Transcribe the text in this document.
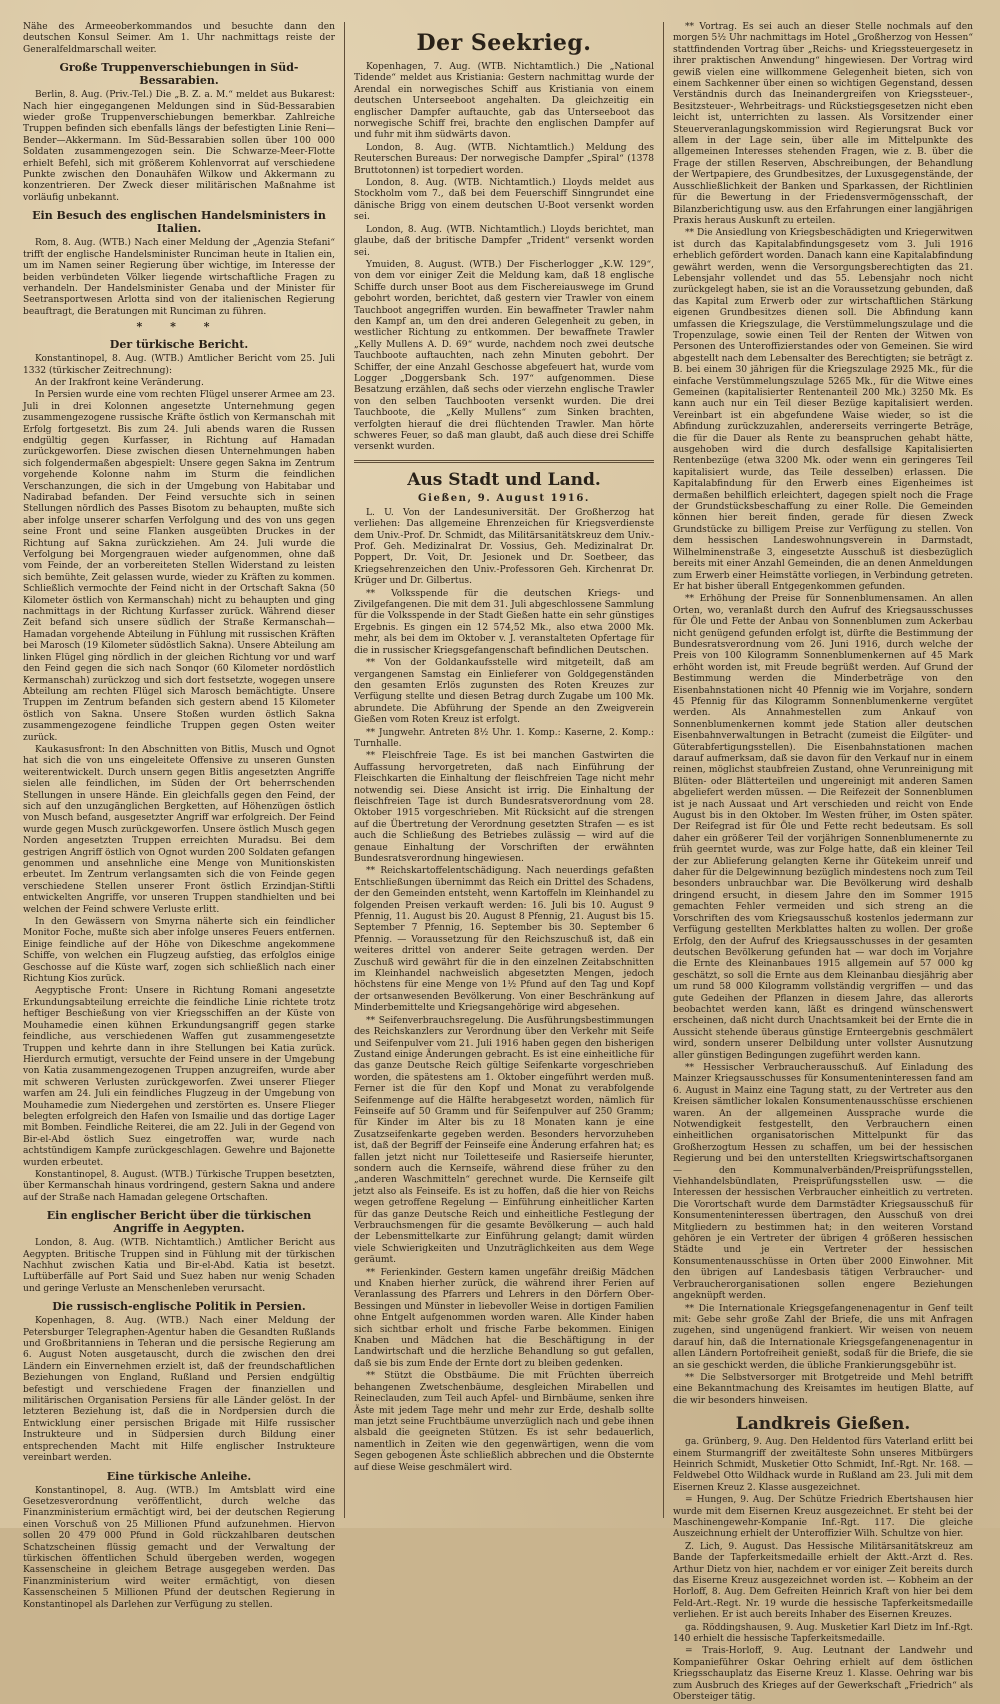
Nähe des Armeeoberkommandos und besuchte dann den deutschen Konsul Seimer. Am 1. Uhr nachmittags reiste der Generalfeldmarschall weiter.

Große Truppenverschiebungen in Süd-Bessarabien.

Berlin, 8. Aug. (Priv.-Tel.) Die „B. Z. a. M.“ meldet aus Bukarest: Nach hier eingegangenen Meldungen sind in Süd-Bessarabien wieder große Truppenverschiebungen bemerkbar. Zahlreiche Truppen befinden sich ebenfalls längs der befestigten Linie Reni—Bender—Akkermann. Im Süd-Bessarabien sollen über 100 000 Soldaten zusammengezogen sein. Die Schwarze-Meer-Flotte erhielt Befehl, sich mit größerem Kohlenvorrat auf verschiedene Punkte zwischen den Donauhäfen Wilkow und Akkermann zu konzentrieren. Der Zweck dieser militärischen Maßnahme ist vorläufig unbekannt.

Ein Besuch des englischen Handelsministers in Italien.

Rom, 8. Aug. (WTB.) Nach einer Meldung der „Agenzia Stefani“ trifft der englische Handelsminister Runciman heute in Italien ein, um im Namen seiner Regierung über wichtige, im Interesse der beiden verbündeten Völker liegende wirtschaftliche Fragen zu verhandeln. Der Handelsminister Genaba und der Minister für Seetransportwesen Arlotta sind von der italienischen Regierung beauftragt, die Beratungen mit Runciman zu führen.

* * *
Der türkische Bericht.

Konstantinopel, 8. Aug. (WTB.) Amtlicher Bericht vom 25. Juli 1332 (türkischer Zeitrechnung):

An der Irakfront keine Veränderung.

In Persien wurde eine vom rechten Flügel unserer Armee am 23. Juli in drei Kolonnen angesetzte Unternehmung gegen zusammengezogene russische Kräfte östlich von Kermanschah mit Erfolg fortgesetzt. Bis zum 24. Juli abends waren die Russen endgültig gegen Kurfasser, in Richtung auf Hamadan zurückgeworfen. Diese zwischen diesen Unternehmungen haben sich folgendermaßen abgespielt: Unsere gegen Sakna im Zentrum vorgehende Kolonne nahm im Sturm die feindlichen Verschanzungen, die sich in der Umgebung von Habitabar und Nadirabad befanden. Der Feind versuchte sich in seinen Stellungen nördlich des Passes Bisotom zu behaupten, mußte sich aber infolge unserer scharfen Verfolgung und des von uns gegen seine Front und seine Flanken ausgeübten Druckes in der Richtung auf Sakna zurückziehen. Am 24. Juli wurde die Verfolgung bei Morgengrauen wieder aufgenommen, ohne daß vom Feinde, der an vorbereiteten Stellen Widerstand zu leisten sich bemühte, Zeit gelassen wurde, wieder zu Kräften zu kommen. Schließlich vermochte der Feind nicht in der Ortschaft Sakna (50 Kilometer östlich von Kermanschah) nicht zu behaupten und ging nachmittags in der Richtung Kurfasser zurück. Während dieser Zeit befand sich unsere südlich der Straße Kermanschah—Hamadan vorgehende Abteilung in Fühlung mit russischen Kräften bei Marosch (19 Kilometer südöstlich Sakna). Unsere Abteilung am linken Flügel ging nördlich in der gleichen Richtung vor und warf den Feind gegen die sich nach Sonqor (60 Kilometer nordöstlich Kermanschah) zurückzog und sich dort festsetzte, wogegen unsere Abteilung am rechten Flügel sich Marosch bemächtigte. Unsere Truppen im Zentrum befanden sich gestern abend 15 Kilometer östlich von Sakna. Unsere Stoßen wurden östlich Sakna zusammengezogene feindliche Truppen gegen Osten weiter zurück.

Kaukasusfront: In den Abschnitten von Bitlis, Musch und Ognot hat sich die von uns eingeleitete Offensive zu unseren Gunsten weiterentwickelt. Durch unsern gegen Bitlis angesetzten Angriffe sielen alle feindlichen, im Süden der Ort beherrschenden Stellungen in unsere Hände. Ein gleichfalls gegen den Feind, der sich auf den unzugänglichen Bergketten, auf Höhenzügen östlich von Musch befand, ausgesetzter Angriff war erfolgreich. Der Feind wurde gegen Musch zurückgeworfen. Unsere östlich Musch gegen Norden angesetzten Truppen erreichten Muradsu. Bei dem gestrigen Angriff östlich von Ognot wurden 200 Soldaten gefangen genommen und ansehnliche eine Menge von Munitionskisten erbeutet. Im Zentrum verlangsamten sich die von Feinde gegen verschiedene Stellen unserer Front östlich Erzindjan-Stiftli entwickelten Angriffe, vor unseren Truppen standhielten und bei welchen der Feind schwere Verluste erlitt.

In den Gewässern von Smyrna näherte sich ein feindlicher Monitor Foche, mußte sich aber infolge unseres Feuers entfernen. Einige feindliche auf der Höhe von Dikeschme angekommene Schiffe, von welchen ein Flugzeug aufstieg, das erfolglos einige Geschosse auf die Küste warf, zogen sich schließlich nach einer Richtung Kios zurück.

Aegyptische Front: Unsere in Richtung Romani angesetzte Erkundungsabteilung erreichte die feindliche Linie richtete trotz heftiger Beschießung von vier Kriegsschiffen an der Küste von Mouhamedie einen kühnen Erkundungsangriff gegen starke feindliche, aus verschiedenen Waffen gut zusammengesetzte Truppen und kehrte dann in ihre Stellungen bei Katia zurück. Hierdurch ermutigt, versuchte der Feind unsere in der Umgebung von Katia zusammengezogenen Truppen anzugreifen, wurde aber mit schweren Verlusten zurückgeworfen. Zwei unserer Flieger warfen am 24. Juli ein feindliches Flugzeug in der Umgebung von Mouhamedie zum Niedergehen und zerstörten es. Unsere Flieger belegten erfolgreich den Hafen von Ismailie und das dortige Lager mit Bomben. Feindliche Reiterei, die am 22. Juli in der Gegend von Bir-el-Abd östlich Suez eingetroffen war, wurde nach achtstündigem Kampfe zurückgeschlagen. Gewehre und Bajonette wurden erbeutet.

Konstantinopel, 8. August. (WTB.) Türkische Truppen besetzten, über Kermanschah hinaus vordringend, gestern Sakna und andere auf der Straße nach Hamadan gelegene Ortschaften.

Ein englischer Bericht über die türkischen Angriffe in Aegypten.

London, 8. Aug. (WTB. Nichtamtlich.) Amtlicher Bericht aus Aegypten. Britische Truppen sind in Fühlung mit der türkischen Nachhut zwischen Katia und Bir-el-Abd. Katia ist besetzt. Luftüberfälle auf Port Said und Suez haben nur wenig Schaden und geringe Verluste an Menschenleben verursacht.

Die russisch-englische Politik in Persien.

Kopenhagen, 8. Aug. (WTB.) Nach einer Meldung der Petersburger Telegraphen-Agentur haben die Gesandten Rußlands und Großbritanniens in Teheran und die persische Regierung am 6. August Noten ausgetauscht, durch die zwischen den drei Ländern ein Einvernehmen erzielt ist, daß der freundschaftlichen Beziehungen von England, Rußland und Persien endgültig befestigt und verschiedene Fragen der finanziellen und militärischen Organisation Persiens für alle Länder gelöst. In der letzteren Beziehung ist, daß die in Nordpersien durch die Entwicklung einer persischen Brigade mit Hilfe russischer Instrukteure und in Südpersien durch Bildung einer entsprechenden Macht mit Hilfe englischer Instrukteure vereinbart werden.

Eine türkische Anleihe.

Konstantinopel, 8. Aug. (WTB.) Im Amtsblatt wird eine Gesetzesverordnung veröffentlicht, durch welche das Finanzministerium ermächtigt wird, bei der deutschen Regierung einen Vorschuß von 25 Millionen Pfund aufzunehmen. Hiervon sollen 20 479 000 Pfund in Gold rückzahlbaren deutschen Schatzscheinen flüssig gemacht und der Verwaltung der türkischen öffentlichen Schuld übergeben werden, wogegen Kassenscheine in gleichem Betrage ausgegeben werden. Das Finanzministerium wird weiter ermächtigt, von diesen Kassenscheinen 5 Millionen Pfund der deutschen Regierung in Konstantinopel als Darlehen zur Verfügung zu stellen.

Der Seekrieg.

Kopenhagen, 7. Aug. (WTB. Nichtamtlich.) Die „National Tidende“ meldet aus Kristiania: Gestern nachmittag wurde der Arendal ein norwegisches Schiff aus Kristiania von einem deutschen Unterseeboot angehalten. Da gleichzeitig ein englischer Dampfer auftauchte, gab das Unterseeboot das norwegische Schiff frei, brachte den englischen Dampfer auf und fuhr mit ihm südwärts davon.

London, 8. Aug. (WTB. Nichtamtlich.) Meldung des Reuterschen Bureaus: Der norwegische Dampfer „Spiral“ (1378 Bruttotonnen) ist torpediert worden.

London, 8. Aug. (WTB. Nichtamtlich.) Lloyds meldet aus Stockholm vom 7., daß bei dem Feuerschiff Sinngrundet eine dänische Brigg von einem deutschen U-Boot versenkt worden sei.

London, 8. Aug. (WTB. Nichtamtlich.) Lloyds berichtet, man glaube, daß der britische Dampfer „Trident“ versenkt worden sei.

Ymuiden, 8. August. (WTB.) Der Fischerlogger „K.W. 129“, von dem vor einiger Zeit die Meldung kam, daß 18 englische Schiffe durch unser Boot aus dem Fischereiauswege im Grund gebohrt worden, berichtet, daß gestern vier Trawler von einem Tauchboot angegriffen wurden. Ein bewaffneter Trawler nahm den Kampf an, um den drei anderen Gelegenheit zu geben, in westlicher Richtung zu entkommen. Der bewaffnete Trawler „Kelly Mullens A. D. 69“ wurde, nachdem noch zwei deutsche Tauchboote auftauchten, nach zehn Minuten gebohrt. Der Schiffer, der eine Anzahl Geschosse abgefeuert hat, wurde vom Logger „Doggersbank Sch. 197“ aufgenommen. Diese Besatzung erzählen, daß sechs oder vierzehn englische Trawler von den selben Tauchbooten versenkt wurden. Die drei Tauchboote, die „Kelly Mullens“ zum Sinken brachten, verfolgten hierauf die drei flüchtenden Trawler. Man hörte schweres Feuer, so daß man glaubt, daß auch diese drei Schiffe versenkt wurden.

Aus Stadt und Land.
Gießen, 9. August 1916.

L. U. Von der Landesuniversität. Der Großherzog hat verliehen: Das allgemeine Ehrenzeichen für Kriegsverdienste dem Univ.-Prof. Dr. Schmidt, das Militärsanitätskreuz dem Univ.-Prof. Geh. Medizinalrat Dr. Vossius, Geh. Medizinalrat Dr. Poppert, Dr. Voit, Dr. Jesionek und Dr. Soetbeer, das Kriegsehrenzeichen den Univ.-Professoren Geh. Kirchenrat Dr. Krüger und Dr. Gilbertus.

** Volksspende für die deutschen Kriegs- und Zivilgefangenen. Die mit dem 31. Juli abgeschlossene Sammlung für die Volksspende in der Stadt Gießen hatte ein sehr günstiges Ergebnis. Es gingen ein 12 574,52 Mk., also etwa 2000 Mk. mehr, als bei dem im Oktober v. J. veranstalteten Opfertage für die in russischer Kriegsgefangenschaft befindlichen Deutschen.

** Von der Goldankaufsstelle wird mitgeteilt, daß am vergangenen Samstag ein Einlieferer von Goldgegenständen den gesamten Erlös zugunsten des Roten Kreuzes zur Verfügung stellte und diesen Betrag durch Zugabe um 100 Mk. abrundete. Die Abführung der Spende an den Zweigverein Gießen vom Roten Kreuz ist erfolgt.

** Jungwehr. Antreten 8½ Uhr. 1. Komp.: Kaserne, 2. Komp.: Turnhalle.

** Fleischfreie Tage. Es ist bei manchen Gastwirten die Auffassung hervorgetreten, daß nach Einführung der Fleischkarten die Einhaltung der fleischfreien Tage nicht mehr notwendig sei. Diese Ansicht ist irrig. Die Einhaltung der fleischfreien Tage ist durch Bundesratsverordnung vom 28. Oktober 1915 vorgeschrieben. Mit Rücksicht auf die strengen auf die Übertretung der Verordnung gesetzten Strafen — es ist auch die Schließung des Betriebes zulässig — wird auf die genaue Einhaltung der Vorschriften der erwähnten Bundesratsverordnung hingewiesen.

** Reichskartoffelentschädigung. Nach neuerdings gefaßten Entschließungen übernimmt das Reich ein Drittel des Schadens, der den Gemeinden entsteht, wenn Kartoffeln im Kleinhandel zu folgenden Preisen verkauft werden: 16. Juli bis 10. August 9 Pfennig, 11. August bis 20. August 8 Pfennig, 21. August bis 15. September 7 Pfennig, 16. September bis 30. September 6 Pfennig. — Voraussetzung für den Reichszuschuß ist, daß ein weiteres drittel von anderer Seite getragen werden. Der Zuschuß wird gewährt für die in den einzelnen Zeitabschnitten im Kleinhandel nachweislich abgesetzten Mengen, jedoch höchstens für eine Menge von 1½ Pfund auf den Tag und Kopf der ortsanwesenden Bevölkerung. Von einer Beschränkung auf Minderbemittelte und Kriegsangehörige wird abgesehen.

** Seifenverbrauchsregelung. Die Ausführungsbestimmungen des Reichskanzlers zur Verordnung über den Verkehr mit Seife und Seifenpulver vom 21. Juli 1916 haben gegen den bisherigen Zustand einige Änderungen gebracht. Es ist eine einheitliche für das ganze Deutsche Reich gültige Seifenkarte vorgeschrieben worden, die spätestens am 1. Oktober eingeführt werden muß. Ferner ist die für den Kopf und Monat zu verabfolgende Seifenmenge auf die Hälfte herabgesetzt worden, nämlich für Feinseife auf 50 Gramm und für Seifenpulver auf 250 Gramm; für Kinder im Alter bis zu 18 Monaten kann je eine Zusatzseifenkarte gegeben werden. Besonders hervorzuheben ist, daß der Begriff der Feinseife eine Änderung erfahren hat; es fallen jetzt nicht nur Toiletteseife und Rasierseife hierunter, sondern auch die Kernseife, während diese früher zu den „anderen Waschmitteln“ gerechnet wurde. Die Kernseife gilt jetzt also als Feinseife. Es ist zu hoffen, daß die hier von Reichs wegen getroffene Regelung — Einführung einheitlicher Karten für das ganze Deutsche Reich und einheitliche Festlegung der Verbrauchsmengen für die gesamte Bevölkerung — auch hald der Lebensmittelkarte zur Einführung gelangt; damit würden viele Schwierigkeiten und Unzuträglichkeiten aus dem Wege geräumt.

** Ferienkinder. Gestern kamen ungefähr dreißig Mädchen und Knaben hierher zurück, die während ihrer Ferien auf Veranlassung des Pfarrers und Lehrers in den Dörfern Ober-Bessingen und Münster in liebevoller Weise in dortigen Familien ohne Entgelt aufgenommen worden waren. Alle Kinder haben sich sichtbar erholt und frische Farbe bekommen. Einigen Knaben und Mädchen hat die Beschäftigung in der Landwirtschaft und die herzliche Behandlung so gut gefallen, daß sie bis zum Ende der Ernte dort zu bleiben gedenken.

** Stützt die Obstbäume. Die mit Früchten überreich behangenen Zwetschenbäume, desgleichen Mirabellen und Reineclauden, zum Teil auch Apfel- und Birnbäume, senken ihre Äste mit jedem Tage mehr und mehr zur Erde, deshalb sollte man jetzt seine Fruchtbäume unverzüglich nach und gebe ihnen alsbald die geeigneten Stützen. Es ist sehr bedauerlich, namentlich in Zeiten wie den gegenwärtigen, wenn die vom Segen gebogenen Äste schließlich abbrechen und die Obsternte auf diese Weise geschmälert wird.

** Vortrag. Es sei auch an dieser Stelle nochmals auf den morgen 5½ Uhr nachmittags im Hotel „Großherzog von Hessen“ stattfindenden Vortrag über „Reichs- und Kriegssteuergesetz in ihrer praktischen Anwendung“ hingewiesen. Der Vortrag wird gewiß vielen eine willkommene Gelegenheit bieten, sich von einem Sachkenner über einen so wichtigen Gegenstand, dessen Verständnis durch das Ineinandergreifen von Kriegssteuer-, Besitzsteuer-, Wehrbeitrags- und Rückstiegsgesetzen nicht eben leicht ist, unterrichten zu lassen. Als Vorsitzender einer Steuerveranlagungskommission wird Regierungsrat Buck vor allem in der Lage sein, über alle im Mittelpunkte des allgemeinen Interesses stehenden Fragen, wie z. B. über die Frage der stillen Reserven, Abschreibungen, der Behandlung der Wertpapiere, des Grundbesitzes, der Luxusgegenstände, der Ausschließlichkeit der Banken und Sparkassen, der Richtlinien für die Bewertung in der Friedensvermögensschaft, der Bilanzberichtigung usw. aus den Erfahrungen einer langjährigen Praxis heraus Auskunft zu erteilen.

** Die Ansiedlung von Kriegsbeschädigten und Kriegerwitwen ist durch das Kapitalabfindungsgesetz vom 3. Juli 1916 erheblich gefördert worden. Danach kann eine Kapitalabfindung gewährt werden, wenn die Versorgungsberechtigten das 21. Lebensjahr vollendet und das 55. Lebensjahr noch nicht zurückgelegt haben, sie ist an die Voraussetzung gebunden, daß das Kapital zum Erwerb oder zur wirtschaftlichen Stärkung eigenen Grundbesitzes dienen soll. Die Abfindung kann umfassen die Kriegszulage, die Verstümmelungszulage und die Tropenzulage, sowie einen Teil der Renten der Witwen von Personen des Unteroffizierstandes oder von Gemeinen. Sie wird abgestellt nach dem Lebensalter des Berechtigten; sie beträgt z. B. bei einem 30 jährigen für die Kriegszulage 2925 Mk., für die einfache Verstümmelungszulage 5265 Mk., für die Witwe eines Gemeinen (kapitalisierter Rentenanteil 200 Mk.) 3250 Mk. Es kann auch nur ein Teil dieser Bezüge kapitalisiert werden. Vereinbart ist ein abgefundene Waise wieder, so ist die Abfindung zurückzuzahlen, andererseits verringerte Beträge, die für die Dauer als Rente zu beanspruchen gehabt hätte, ausgehoben wird die durch desfallsige Kapitalisierten Rentenbezüge (etwa 3200 Mk. oder wenn ein geringeres Teil kapitalisiert wurde, das Teile desselben) erlassen. Die Kapitalabfindung für den Erwerb eines Eigenheimes ist dermaßen behilflich erleichtert, dagegen spielt noch die Frage der Grundstücksbeschaffung zu einer Rolle. Die Gemeinden können hier bereit finden, gerade für diesen Zweck Grundstücke zu billigem Preise zur Verfügung zu stellen. Von dem hessischen Landeswohnungsverein in Darmstadt, Wilhelminenstraße 3, eingesetzte Ausschuß ist diesbezüglich bereits mit einer Anzahl Gemeinden, die an denen Anmeldungen zum Erwerb einer Heimstätte vorliegen, in Verbindung getreten. Er hat bisher überall Entgegenkommen gefunden.

** Erhöhung der Preise für Sonnenblumensamen. An allen Orten, wo, veranlaßt durch den Aufruf des Kriegsausschusses für Öle und Fette der Anbau von Sonnenblumen zum Ackerbau nicht genügend gefunden erfolgt ist, dürfte die Bestimmung der Bundesratsverordnung vom 26. Juni 1916, durch welche der Preis von 100 Kilogramm Sonnenblumenkernen auf 45 Mark erhöht worden ist, mit Freude begrüßt werden. Auf Grund der Bestimmung werden die Minderbeträge von den Eisenbahnstationen nicht 40 Pfennig wie im Vorjahre, sondern 45 Pfennig für das Kilogramm Sonnenblumenkerne vergütet werden. Als Annahmestellen zum Ankauf von Sonnenblumenkernen kommt jede Station aller deutschen Eisenbahnverwaltungen in Betracht (zumeist die Eilgüter- und Güterabfertigungsstellen). Die Eisenbahnstationen machen darauf aufmerksam, daß sie davon für den Verkauf nur in einem reinen, möglichst staubfreien Zustand, ohne Verunreinigung mit Blüten- oder Blätterteilen und ungereinigt mit anderen Samen abgeliefert werden müssen. — Die Reifezeit der Sonnenblumen ist je nach Aussaat und Art verschieden und reicht von Ende August bis in den Oktober. Im Westen früher, im Osten später. Der Reifegrad ist für Öle und Fette recht bedeutsam. Es soll daher ein größerer Teil der vorjährigen Sonnenblumenernte zu früh geerntet wurde, was zur Folge hatte, daß ein kleiner Teil der zur Ablieferung gelangten Kerne ihr Gütekeim unreif und daher für die Delgewinnung bezüglich mindestens noch zum Teil besonders unbrauchbar war. Die Bevölkerung wird deshalb dringend ersucht, in diesem Jahre den im Sommer 1915 gemachten Fehler vermeiden und sich streng an die Vorschriften des vom Kriegsausschuß kostenlos jedermann zur Verfügung gestellten Merkblattes halten zu wollen. Der große Erfolg, den der Aufruf des Kriegsausschusses in der gesamten deutschen Bevölkerung gefunden hat — war doch im Vorjahre die Ernte des Kleinanbaues 1915 allgemein auf 57 000 kg geschätzt, so soll die Ernte aus dem Kleinanbau diesjährig aber um rund 58 000 Kilogramm vollständig vergriffen — und das gute Gedeihen der Pflanzen in diesem Jahre, das allerorts beobachtet werden kann, läßt es dringend wünschenswert erscheinen, daß nicht durch Unachtsamkeit bei der Ernte die in Aussicht stehende überaus günstige Ernteergebnis geschmälert wird, sondern unserer Delbildung unter vollster Ausnutzung aller günstigen Bedingungen zugeführt werden kann.

** Hessischer Verbraucherausschuß. Auf Einladung des Mainzer Kriegsausschusses für Konsumenteninteressen fand am 6. August in Mainz eine Tagung statt, zu der Vertreter aus den Kreisen sämtlicher lokalen Konsumentenausschüsse erschienen waren. An der allgemeinen Aussprache wurde die Notwendigkeit festgestellt, den Verbrauchern einen einheitlichen organisatorischen Mittelpunkt für das Großherzogtum Hessen zu schaffen, um bei der hessischen Regierung und bei den unterstellten Kriegswirtschaftsorganen — den Kommunalverbänden/Preisprüfungsstellen, Viehhandelsbündlaten, Preisprüfungsstellen usw. — die Interessen der hessischen Verbraucher einheitlich zu vertreten. Die Vorortschaft wurde dem Darmstädter Kriegsausschuß für Konsumenteninteressen übertragen, den Ausschuß von drei Mitgliedern zu bestimmen hat; in den weiteren Vorstand gehören je ein Vertreter der übrigen 4 größeren hessischen Städte und je ein Vertreter der hessischen Konsumentenausschüsse in Orten über 2000 Einwohner. Mit den übrigen auf Landesbasis tätigen Verbraucher- und Verbraucherorganisationen sollen engere Beziehungen angeknüpft werden.

** Die Internationale Kriegsgefangenenagentur in Genf teilt mit: Gebe sehr große Zahl der Briefe, die uns mit Anfragen zugehen, sind ungenügend frankiert. Wir weisen von neuem darauf hin, daß die Internationale Kriegsgefangenenagentur in allen Ländern Portofreiheit genießt, sodaß für die Briefe, die sie an sie geschickt werden, die übliche Frankierungsgebühr ist.

** Die Selbstversorger mit Brotgetreide und Mehl betrifft eine Bekanntmachung des Kreisamtes im heutigen Blatte, auf die wir besonders hinweisen.

Landkreis Gießen.

ga. Grünberg, 9. Aug. Den Heldentod fürs Vaterland erlitt bei einem Sturmangriff der zweitälteste Sohn unseres Mitbürgers Heinrich Schmidt, Musketier Otto Schmidt, Inf.-Rgt. Nr. 168. — Feldwebel Otto Wildhack wurde in Rußland am 23. Juli mit dem Eisernen Kreuz 2. Klasse ausgezeichnet.

= Hungen, 9. Aug. Der Schütze Friedrich Ebertshausen hier wurde mit dem Eisernen Kreuz ausgezeichnet. Er steht bei der Maschinengewehr-Kompanie Inf.-Rgt. 117. Die gleiche Auszeichnung erhielt der Unteroffizier Wilh. Schultze von hier.

Z. Lich, 9. August. Das Hessische Militärsanitätskreuz am Bande der Tapferkeitsmedaille erhielt der Aktt.-Arzt d. Res. Arthur Dietz von hier, nachdem er vor einiger Zeit bereits durch das Eiserne Kreuz ausgezeichnet worden ist. — Kobheim an der Horloff, 8. Aug. Dem Gefreiten Heinrich Kraft von hier bei dem Feld-Art.-Regt. Nr. 19 wurde die hessische Tapferkeitsmedaille verliehen. Er ist auch bereits Inhaber des Eisernen Kreuzes.

ga. Röddingshausen, 9. Aug. Musketier Karl Dietz im Inf.-Rgt. 140 erhielt die hessische Tapferkeitsmedaille.

= Trais-Horloff, 9. Aug. Leutnant der Landwehr und Kompanieführer Oskar Oehring erhielt auf dem östlichen Kriegsschauplatz das Eiserne Kreuz 1. Klasse. Oehring war bis zum Ausbruch des Krieges auf der Gewerkschaft „Friedrich“ als Obersteiger tätig.
